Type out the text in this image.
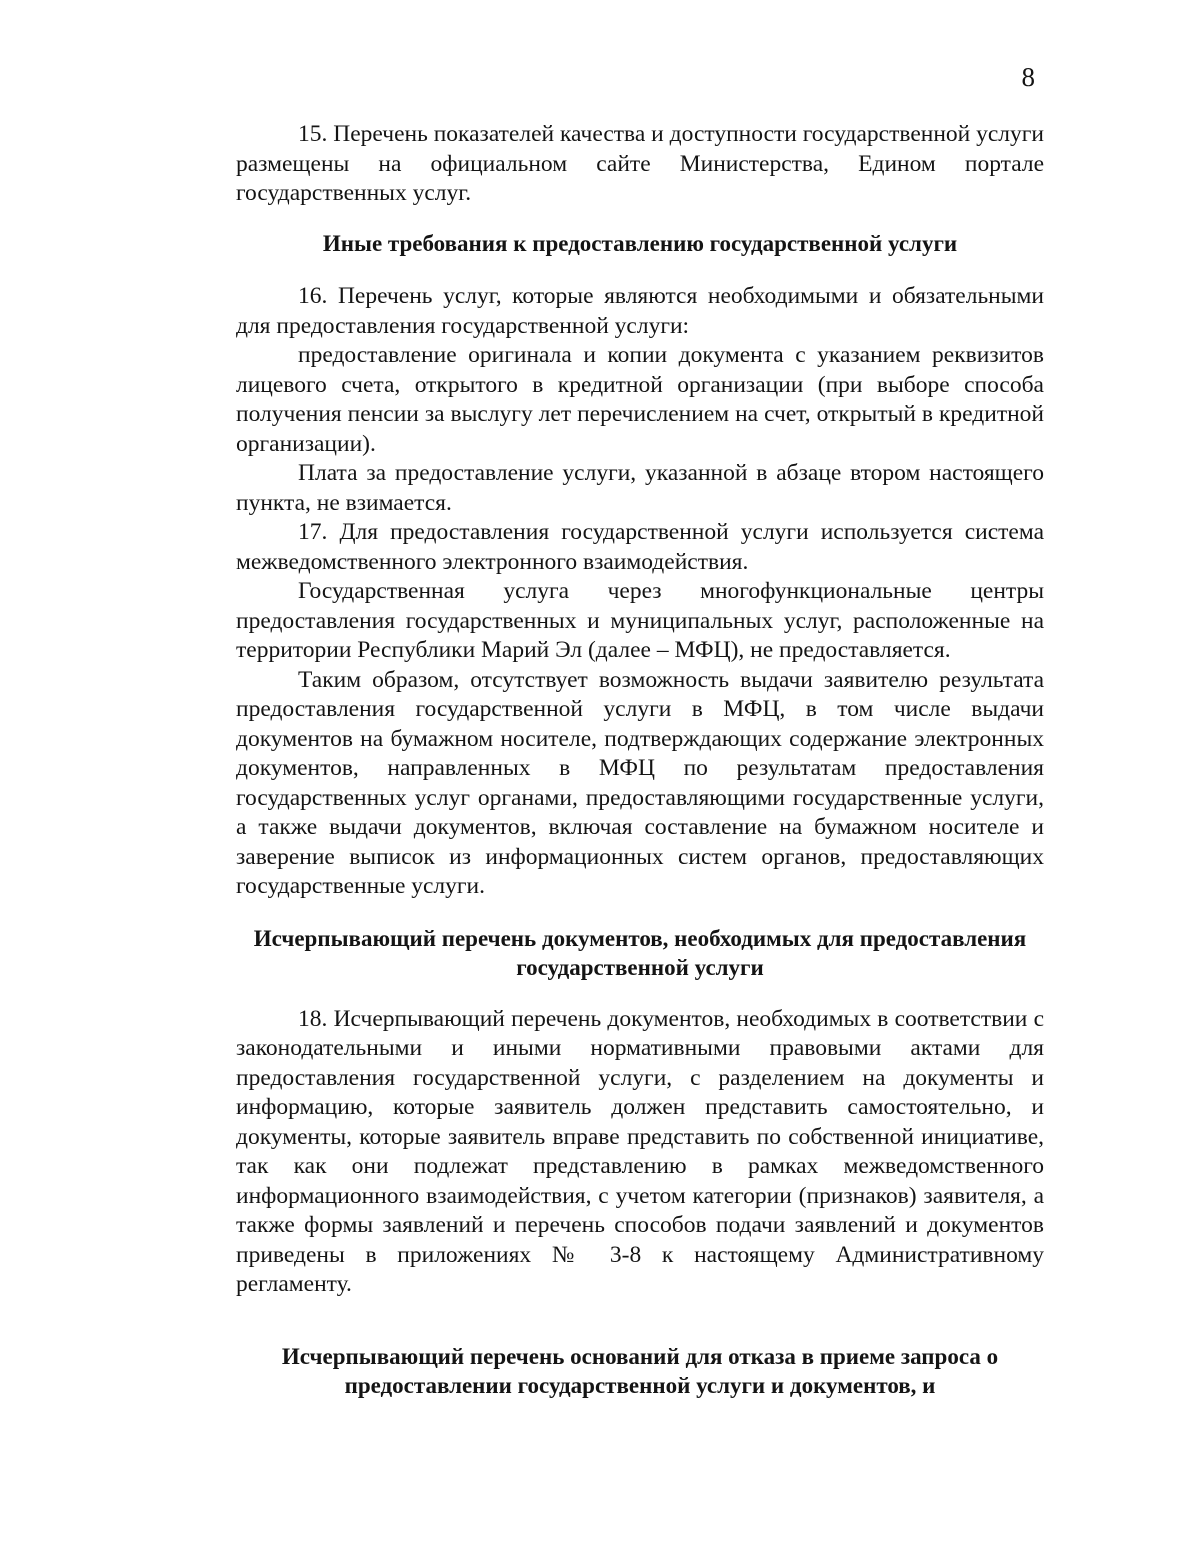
8

15. Перечень показателей качества и доступности государственной услуги размещены на официальном сайте Министерства, Едином портале государственных услуг.

Иные требования к предоставлению государственной услуги

16. Перечень услуг, которые являются необходимыми и обязательными для предоставления государственной услуги:

предоставление оригинала и копии документа с указанием реквизитов лицевого счета, открытого в кредитной организации (при выборе способа получения пенсии за выслугу лет перечислением на счет, открытый в кредитной организации).

Плата за предоставление услуги, указанной в абзаце втором настоящего пункта, не взимается.

17. Для предоставления государственной услуги используется система межведомственного электронного взаимодействия.

Государственная услуга через многофункциональные центры предоставления государственных и муниципальных услуг, расположенные на территории Республики Марий Эл (далее – МФЦ), не предоставляется.

Таким образом, отсутствует возможность выдачи заявителю результата предоставления государственной услуги в МФЦ, в том числе выдачи документов на бумажном носителе, подтверждающих содержание электронных документов, направленных в МФЦ по результатам предоставления государственных услуг органами, предоставляющими государственные услуги, а также выдачи документов, включая составление на бумажном носителе и заверение выписок из информационных систем органов, предоставляющих государственные услуги.

Исчерпывающий перечень документов, необходимых для предоставления государственной услуги

18. Исчерпывающий перечень документов, необходимых в соответствии с законодательными и иными нормативными правовыми актами для предоставления государственной услуги, с разделением на документы и информацию, которые заявитель должен представить самостоятельно, и документы, которые заявитель вправе представить по собственной инициативе, так как они подлежат представлению в рамках межведомственного информационного взаимодействия, с учетом категории (признаков) заявителя, а также формы заявлений и перечень способов подачи заявлений и документов приведены в приложениях № 3-8 к настоящему Административному регламенту.

Исчерпывающий перечень оснований для отказа в приеме запроса о предоставлении государственной услуги и документов, и
